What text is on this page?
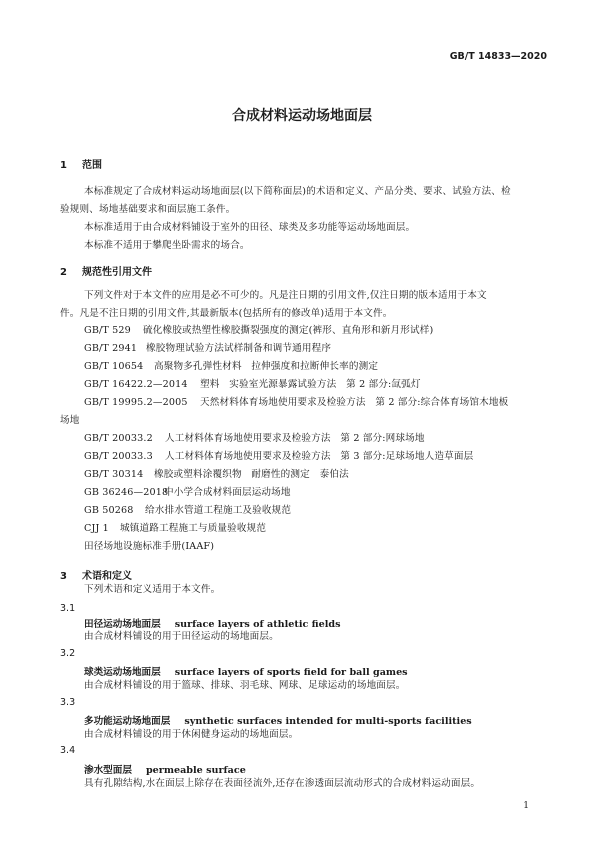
GB/T 14833—2020
合成材料运动场地面层
1 范围
本标准规定了合成材料运动场地面层(以下简称面层)的术语和定义、产品分类、要求、试验方法、检
验规则、场地基础要求和面层施工条件。
本标准适用于由合成材料铺设于室外的田径、球类及多功能等运动场地面层。
本标准不适用于攀爬坐卧需求的场合。
2 规范性引用文件
下列文件对于本文件的应用是必不可少的。凡是注日期的引用文件,仅注日期的版本适用于本文
件。凡是不注日期的引用文件,其最新版本(包括所有的修改单)适用于本文件。
GB/T 529 硫化橡胶或热塑性橡胶撕裂强度的测定(裤形、直角形和新月形试样)
GB/T 2941 橡胶物理试验方法试样制备和调节通用程序
GB/T 10654 高聚物多孔弹性材料　拉伸强度和拉断伸长率的测定
GB/T 16422.2—2014 塑料　实验室光源暴露试验方法　第 2 部分:氙弧灯
GB/T 19995.2—2005 天然材料体育场地使用要求及检验方法　第 2 部分:综合体育场馆木地板
场地
GB/T 20033.2 人工材料体育场地使用要求及检验方法　第 2 部分:网球场地
GB/T 20033.3 人工材料体育场地使用要求及检验方法　第 3 部分:足球场地人造草面层
GB/T 30314 橡胶或塑料涂覆织物　耐磨性的测定　泰伯法
GB 36246—2018中小学合成材料面层运动场地
GB 50268 给水排水管道工程施工及验收规范
CJJ 1 城镇道路工程施工与质量验收规范
田径场地设施标准手册(IAAF)
3 术语和定义
下列术语和定义适用于本文件。
3.1
田径运动场地面层 surface layers of athletic fields
由合成材料铺设的用于田径运动的场地面层。
3.2
球类运动场地面层 surface layers of sports field for ball games
由合成材料铺设的用于篮球、排球、羽毛球、网球、足球运动的场地面层。
3.3
多功能运动场地面层 synthetic surfaces intended for multi-sports facilities
由合成材料铺设的用于休闲健身运动的场地面层。
3.4
渗水型面层 permeable surface
具有孔隙结构,水在面层上除存在表面径流外,还存在渗透面层流动形式的合成材料运动面层。
1
